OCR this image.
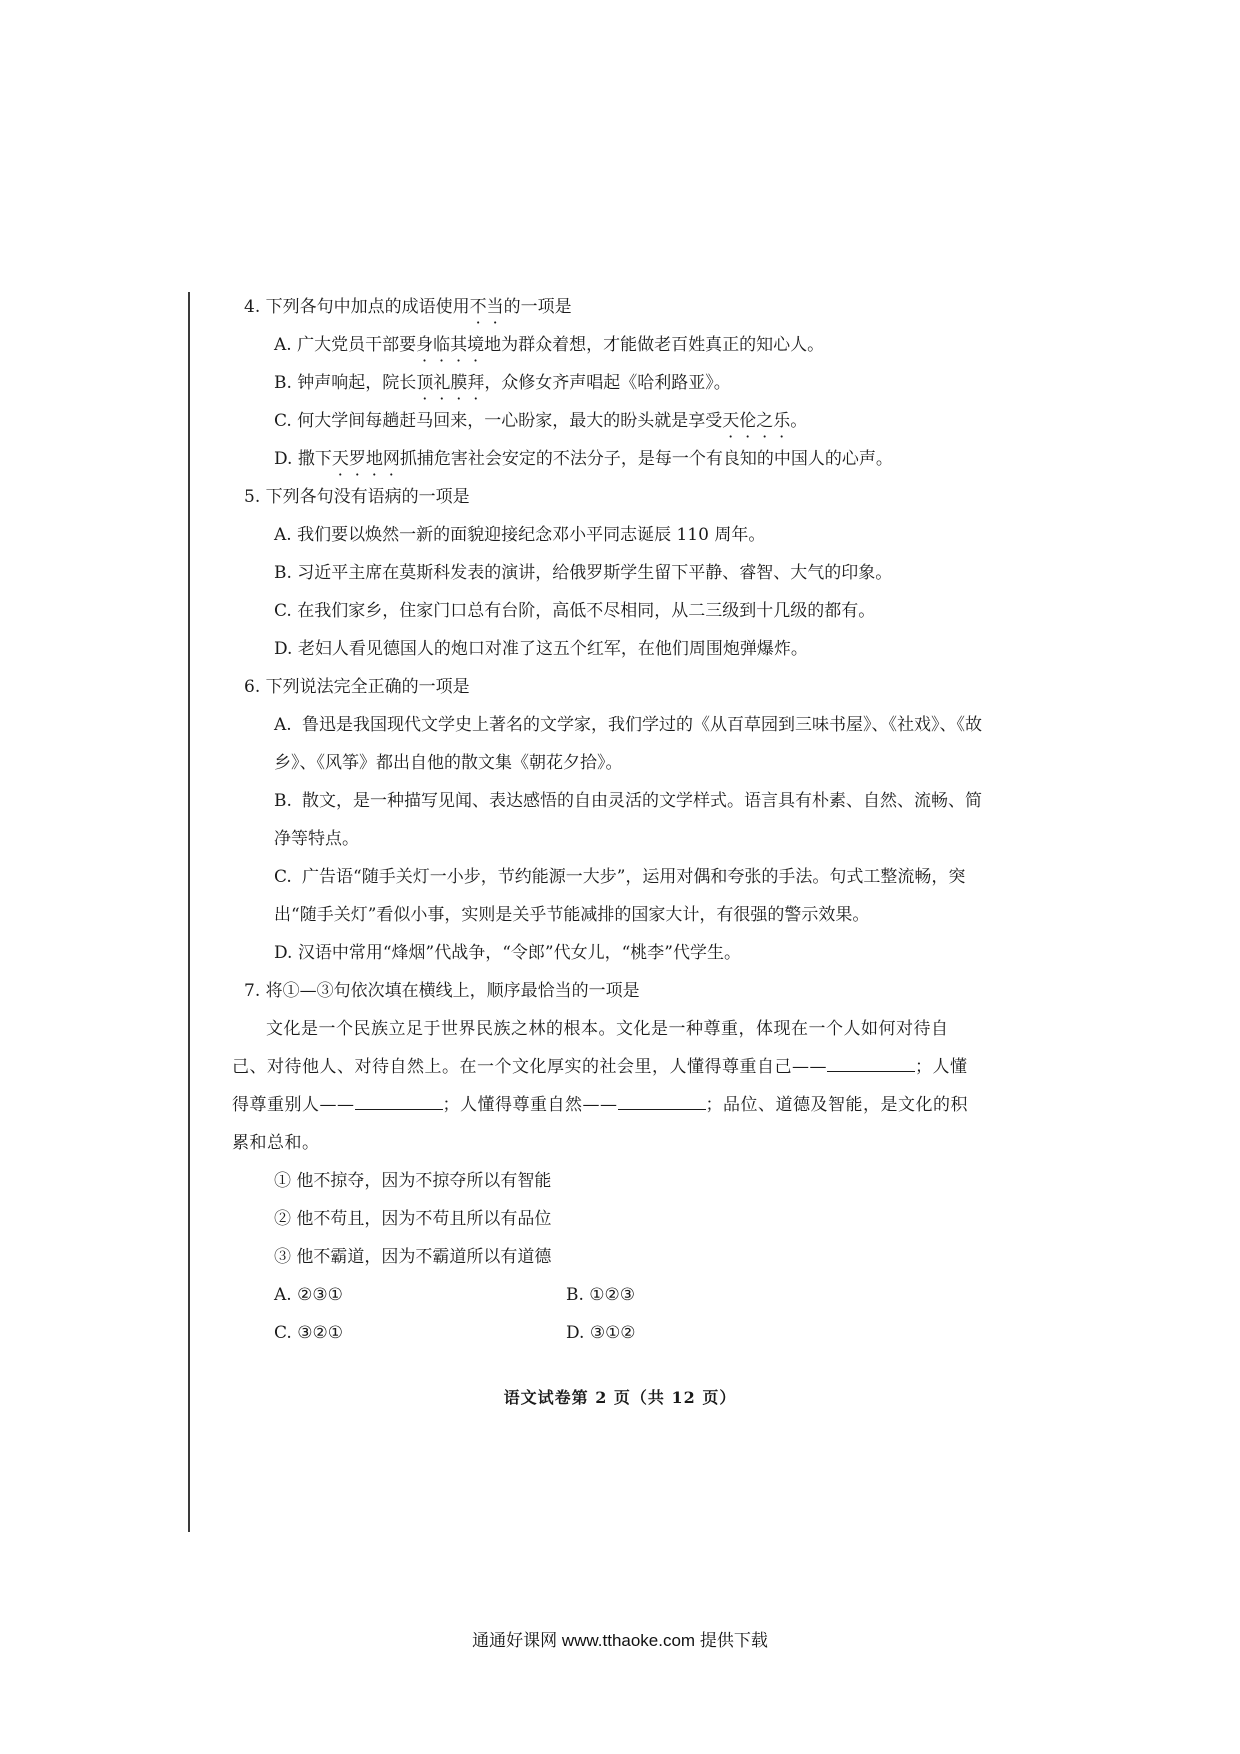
4. 下列各句中加点的成语使用不当的一项是
A. 广大党员干部要身临其境地为群众着想，才能做老百姓真正的知心人。
B. 钟声响起，院长顶礼膜拜，众修女齐声唱起《哈利路亚》。
C. 何大学间每趟赶马回来，一心盼家，最大的盼头就是享受天伦之乐。
D. 撒下天罗地网抓捕危害社会安定的不法分子，是每一个有良知的中国人的心声。
5. 下列各句没有语病的一项是
A. 我们要以焕然一新的面貌迎接纪念邓小平同志诞辰 110 周年。
B. 习近平主席在莫斯科发表的演讲，给俄罗斯学生留下平静、睿智、大气的印象。
C. 在我们家乡，住家门口总有台阶，高低不尽相同，从二三级到十几级的都有。
D. 老妇人看见德国人的炮口对准了这五个红军，在他们周围炮弹爆炸。
6. 下列说法完全正确的一项是
A. 鲁迅是我国现代文学史上著名的文学家，我们学过的《从百草园到三味书屋》、《社戏》、《故乡》、《风筝》都出自他的散文集《朝花夕拾》。
B. 散文，是一种描写见闻、表达感悟的自由灵活的文学样式。语言具有朴素、自然、流畅、简净等特点。
C. 广告语“随手关灯一小步，节约能源一大步”，运用对偶和夸张的手法。句式工整流畅，突出“随手关灯”看似小事，实则是关乎节能减排的国家大计，有很强的警示效果。
D. 汉语中常用“烽烟”代战争，“令郎”代女儿，“桃李”代学生。
7. 将①—③句依次填在横线上，顺序最恰当的一项是
文化是一个民族立足于世界民族之林的根本。文化是一种尊重，体现在一个人如何对待自己、对待他人、对待自然上。在一个文化厚实的社会里，人懂得尊重自己——	；人懂得尊重别人——	；人懂得尊重自然——	；品位、道德及智能，是文化的积累和总和。
① 他不掠夺，因为不掠夺所以有智能
② 他不苟且，因为不苟且所以有品位
③ 他不霸道，因为不霸道所以有道德
A. ②③①	B. ①②③
C. ③②①	D. ③①②
语文试卷第 2 页（共 12 页）
通通好课网 www.tthaoke.com 提供下载
